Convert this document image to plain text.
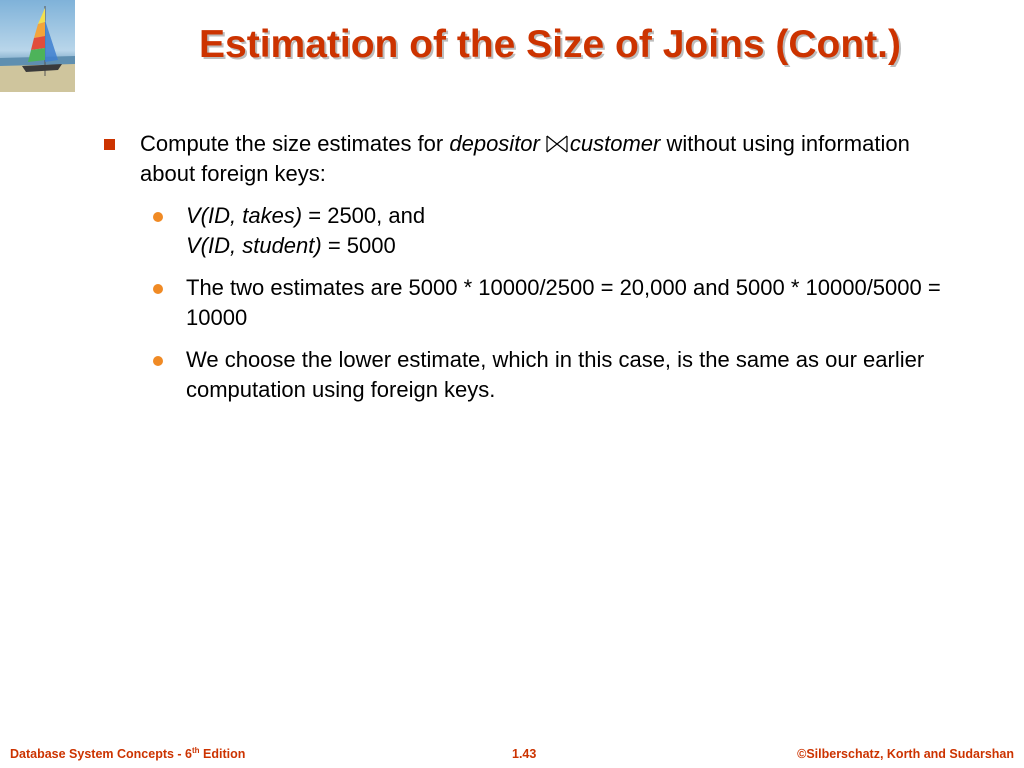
Estimation of the Size of Joins (Cont.)
Compute the size estimates for depositor customer without using information about foreign keys:
V(ID, takes) = 2500, and
V(ID, student) = 5000
The two estimates are 5000 * 10000/2500 = 20,000 and 5000 * 10000/5000 = 10000
We choose the lower estimate, which in this case, is the same as our earlier computation using foreign keys.
Database System Concepts - 6th Edition	1.43	©Silberschatz, Korth and Sudarshan
